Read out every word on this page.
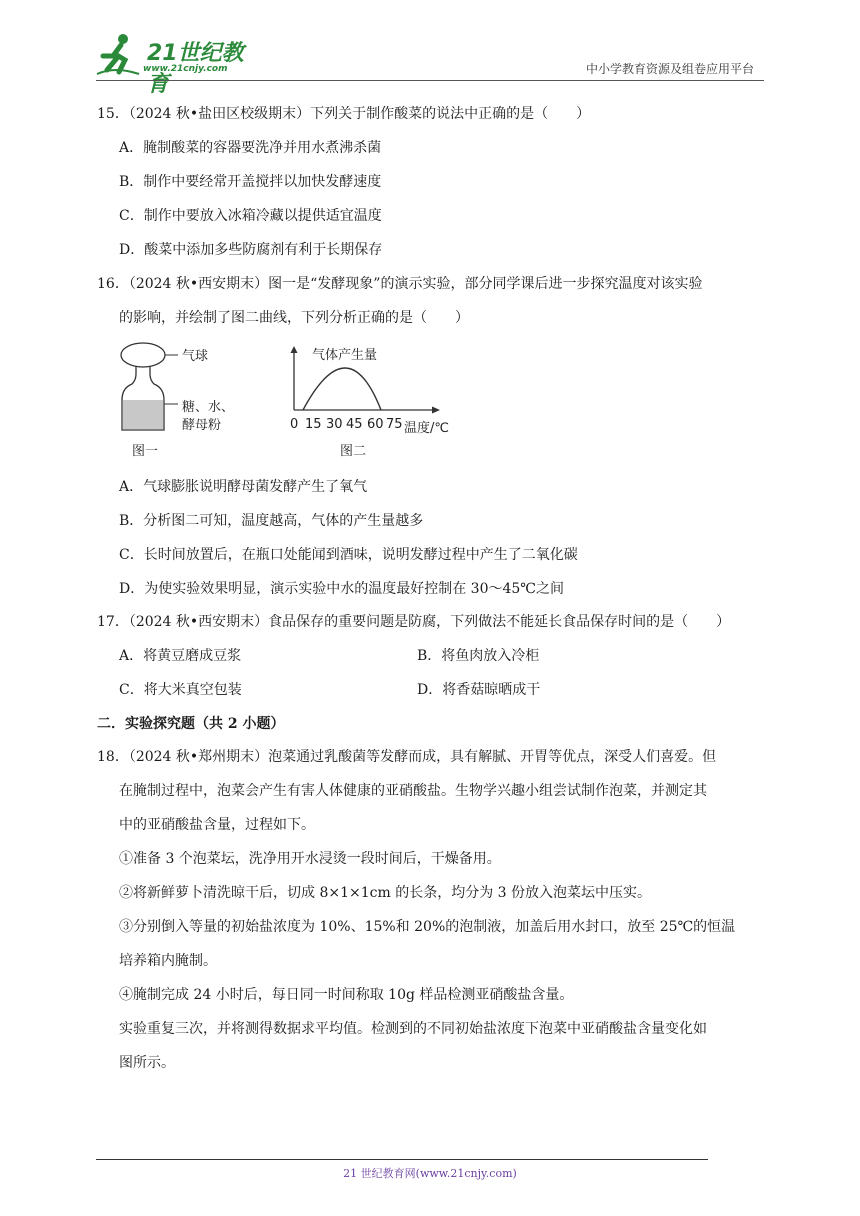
21世纪教育
www.21cnjy.com	中小学教育资源及组卷应用平台
15．（2024 秋•盐田区校级期末）下列关于制作酸菜的说法中正确的是（　　）
A．腌制酸菜的容器要洗净并用水煮沸杀菌
B．制作中要经常开盖搅拌以加快发酵速度
C．制作中要放入冰箱冷藏以提供适宜温度
D．酸菜中添加多些防腐剂有利于长期保存
16．（2024 秋•西安期末）图一是“发酵现象”的演示实验，部分同学课后进一步探究温度对该实验
的影响，并绘制了图二曲线，下列分析正确的是（　　）
气球
糖、水、
酵母粉
图一
气体产生量
0 15 30 45 60 75 温度/℃
图二
A．气球膨胀说明酵母菌发酵产生了氧气
B．分析图二可知，温度越高，气体的产生量越多
C．长时间放置后，在瓶口处能闻到酒味，说明发酵过程中产生了二氧化碳
D．为使实验效果明显，演示实验中水的温度最好控制在 30～45℃之间
17．（2024 秋•西安期末）食品保存的重要问题是防腐，下列做法不能延长食品保存时间的是（　　）
A．将黄豆磨成豆浆	B．将鱼肉放入冷柜
C．将大米真空包装	D．将香菇晾晒成干
二．实验探究题（共 2 小题）
18．（2024 秋•郑州期末）泡菜通过乳酸菌等发酵而成，具有解腻、开胃等优点，深受人们喜爱。但
在腌制过程中，泡菜会产生有害人体健康的亚硝酸盐。生物学兴趣小组尝试制作泡菜，并测定其
中的亚硝酸盐含量，过程如下。
①准备 3 个泡菜坛，洗净用开水浸烫一段时间后，干燥备用。
②将新鲜萝卜清洗晾干后，切成 8×1×1cm 的长条，均分为 3 份放入泡菜坛中压实。
③分别倒入等量的初始盐浓度为 10%、15%和 20%的泡制液，加盖后用水封口，放至 25℃的恒温
培养箱内腌制。
④腌制完成 24 小时后，每日同一时间称取 10g 样品检测亚硝酸盐含量。
实验重复三次，并将测得数据求平均值。检测到的不同初始盐浓度下泡菜中亚硝酸盐含量变化如
图所示。
21 世纪教育网(www.21cnjy.com)
